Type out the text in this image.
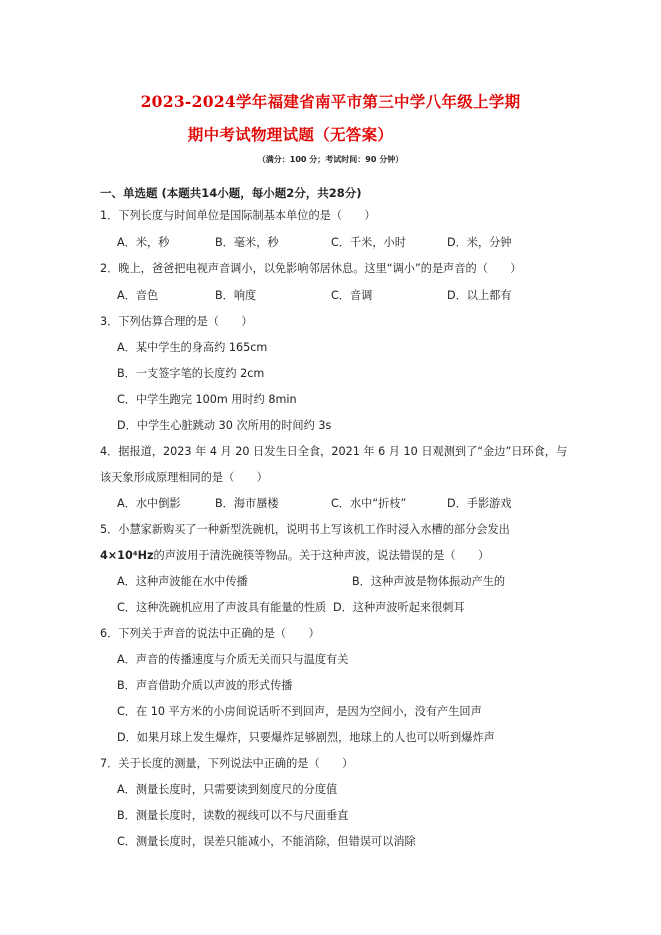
2023-2024学年福建省南平市第三中学八年级上学期
期中考试物理试题（无答案）
（满分：100 分；考试时间：90 分钟）
一、单选题 (本题共14小题，每小题2分，共28分)
1．下列长度与时间单位是国际制基本单位的是（　　）
A．米，秒	B．毫米，秒	C．千米，小时	D．米，分钟
2．晚上，爸爸把电视声音调小，以免影响邻居休息。这里“调小”的是声音的（　　）
A．音色	B．响度	C．音调	D．以上都有
3．下列估算合理的是（　　）
A．某中学生的身高约 165cm
B．一支签字笔的长度约 2cm
C．中学生跑完 100m 用时约 8min
D．中学生心脏跳动 30 次所用的时间约 3s
4．据报道，2023 年 4 月 20 日发生日全食，2021 年 6 月 10 日观测到了“金边”日环食，与
该天象形成原理相同的是（　　）
A．水中倒影	B．海市蜃楼	C．水中“折枝”	D．手影游戏
5．小慧家新购买了一种新型洗碗机，说明书上写该机工作时浸入水槽的部分会发出
4×10⁴Hz的声波用于清洗碗筷等物品。关于这种声波，说法错误的是（　　）
A．这种声波能在水中传播	B．这种声波是物体振动产生的
C．这种洗碗机应用了声波具有能量的性质 D．这种声波听起来很刺耳
6．下列关于声音的说法中正确的是（　　）
A．声音的传播速度与介质无关而只与温度有关
B．声音借助介质以声波的形式传播
C．在 10 平方米的小房间说话听不到回声，是因为空间小，没有产生回声
D．如果月球上发生爆炸，只要爆炸足够剧烈，地球上的人也可以听到爆炸声
7．关于长度的测量，下列说法中正确的是（　　）
A．测量长度时，只需要读到刻度尺的分度值
B．测量长度时，读数的视线可以不与尺面垂直
C．测量长度时，误差只能减小，不能消除，但错误可以消除
